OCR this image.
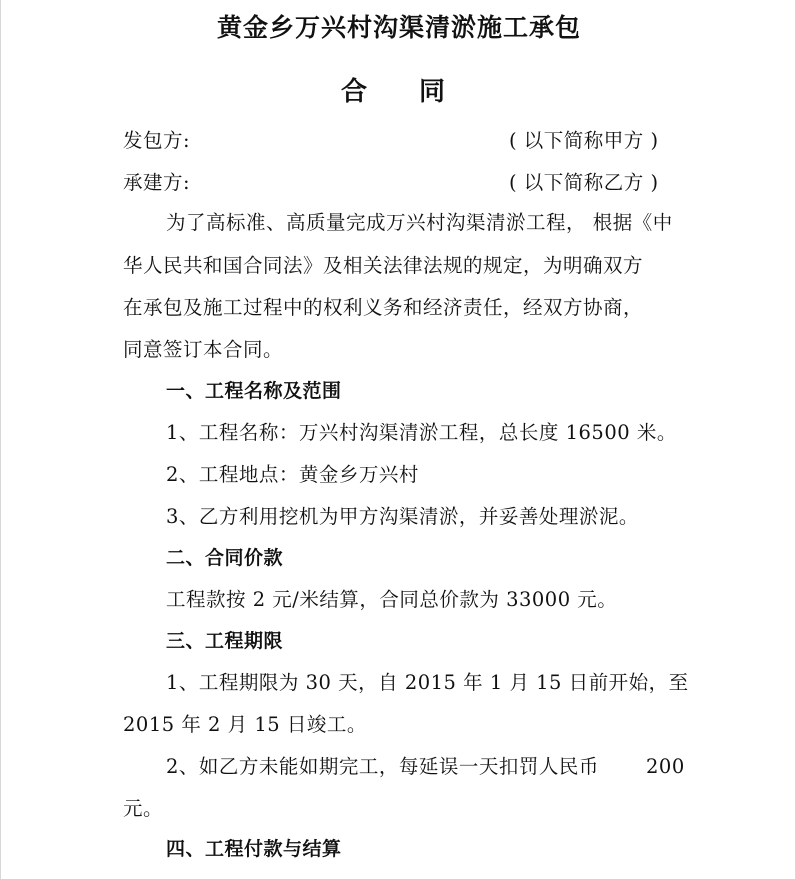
黄金乡万兴村沟渠清淤施工承包
合 同
发包方:	( 以下简称甲方 )
承建方:	( 以下简称乙方 )
为了高标准、高质量完成万兴村沟渠清淤工程， 根据《中
华人民共和国合同法》及相关法律法规的规定，为明确双方
在承包及施工过程中的权利义务和经济责任，经双方协商，
同意签订本合同。
一、工程名称及范围
1、工程名称：万兴村沟渠清淤工程，总长度 16500 米。
2、工程地点：黄金乡万兴村
3、乙方利用挖机为甲方沟渠清淤，并妥善处理淤泥。
二、合同价款
工程款按 2 元/米结算，合同总价款为 33000 元。
三、工程期限
1、工程期限为 30 天，自 2015 年 1 月 15 日前开始，至
2015 年 2 月 15 日竣工。
2、如乙方未能如期完工，每延误一天扣罚人民币 200
元。
四、工程付款与结算
